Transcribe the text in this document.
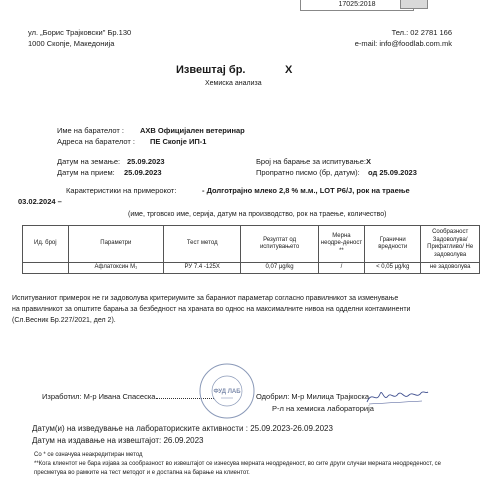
17025:2018
ул. „Борис Трајковски" Бр.130
1000 Скопје, Македонија
Тел.: 02 2781 166
e-mail: info@foodlab.com.mk
Извештај бр.	X
Хемиска анализа
Име на барателот : АХВ Официјален ветеринар
Адреса на барателот : ПЕ Скопје ИП-1
Датум на земање: 25.09.2023
Датум на прием: 25.09.2023
Број на барање за испитување: X
Пропратно писмо (бр, датум): од 25.09.2023
Карактеристики на примерокот:	- Долготрајно млеко 2,8 % м.м., LOT P6/J, рок на траење
03.02.2024 –
(име, трговско име, серија, датум на производство, рок на траење, количество)
Ид. број	Параметри	Тест метод	Резултат од испитувањето	Мерна неодре-деност **	Гранични вредности	Сообразност Задоволува/ Прифатливо/ Не задоволува
	Афлатоксин M₁	РУ 7.4 -125X	0,07 μg/kg	/	< 0,05 μg/kg	не задоволува
Испитуваниот примерок не ги задоволува критериумите за бараниот параметар согласно правилникот за изменување
на правилникот за општите барања за безбедност на храната во однос на максималните нивоа на одделни контаминенти
(Сл.Весник Бр.227/2021, дел 2).
Изработил: М-р Ивана Спасеска	Одобрил: М-р Милица Трајкоска
Р-л на хемиска лабораторија
ФУД ЛАБ
Датум(и) на изведување на лабораториските активности : 25.09.2023-26.09.2023
Датум на издавање на извештајот: 26.09.2023
Со * се означува неакредитиран метод
**Кога клиентот не бара изјава за сообразност во извештајот се изнесува мерната неодреденост, во сите други случаи мерната неодреденост, се
пресметува во рамките на тест методот и е достапна на барање на клиентот.
